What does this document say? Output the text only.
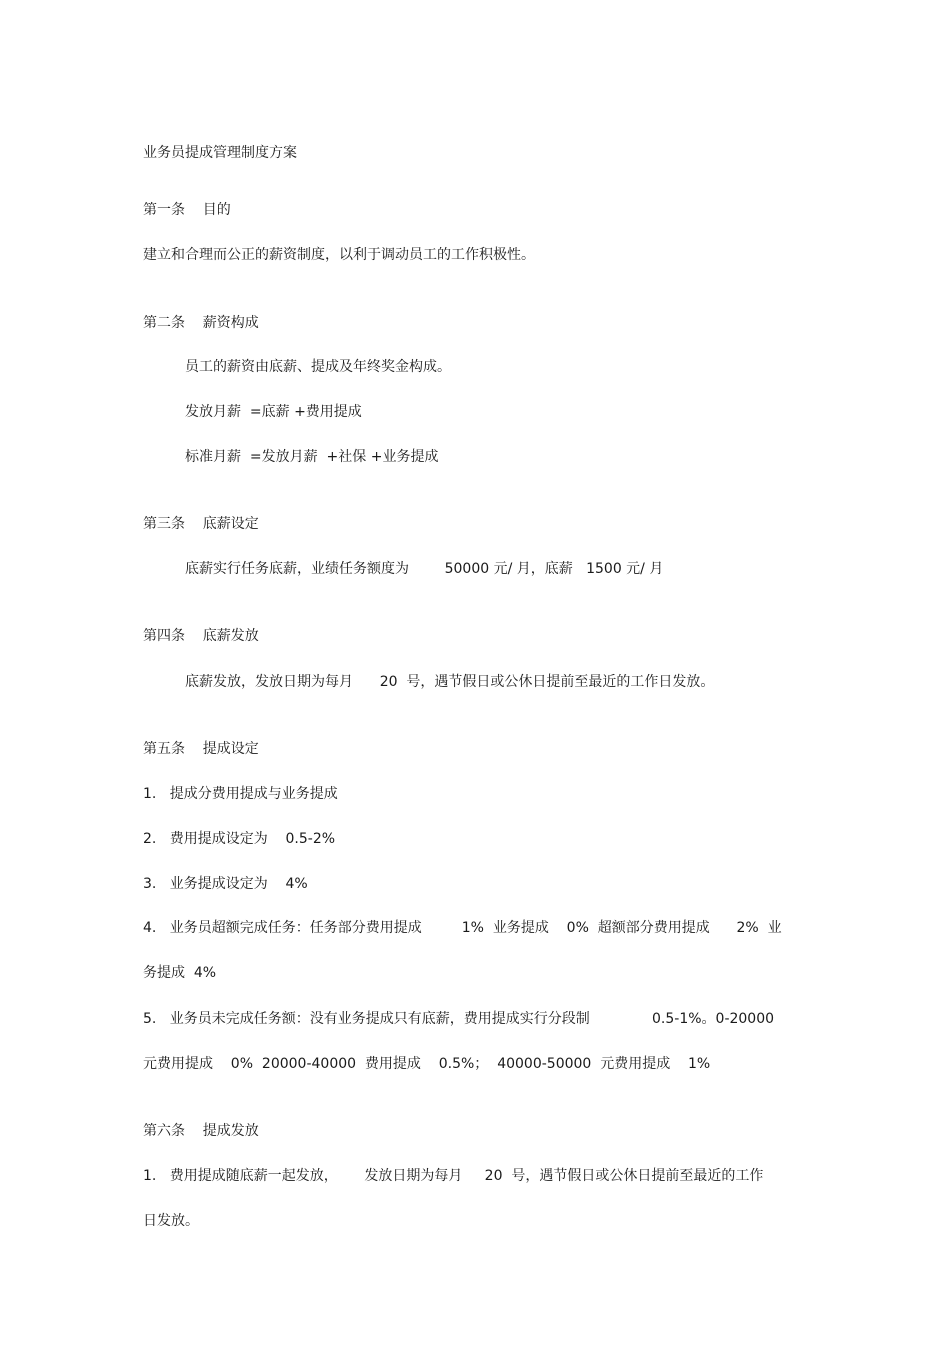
业务员提成管理制度方案
第一条    目的
建立和合理而公正的薪资制度，以利于调动员工的工作积极性。
第二条    薪资构成
员工的薪资由底薪、提成及年终奖金构成。
发放月薪  =底薪 +费用提成
标准月薪  =发放月薪  +社保 +业务提成
第三条    底薪设定
底薪实行任务底薪，业绩任务额度为        50000 元/ 月，底薪   1500 元/ 月
第四条    底薪发放
底薪发放，发放日期为每月      20  号，遇节假日或公休日提前至最近的工作日发放。
第五条    提成设定
1.   提成分费用提成与业务提成
2.   费用提成设定为    0.5-2%
3.   业务提成设定为    4%
4.   业务员超额完成任务：任务部分费用提成         1%  业务提成    0%  超额部分费用提成      2%  业
务提成  4%
5.   业务员未完成任务额：没有业务提成只有底薪，费用提成实行分段制              0.5-1%。0-20000
元费用提成    0%  20000-40000  费用提成    0.5%；  40000-50000  元费用提成    1%
第六条    提成发放
1.   费用提成随底薪一起发放，      发放日期为每月     20  号，遇节假日或公休日提前至最近的工作
日发放。
